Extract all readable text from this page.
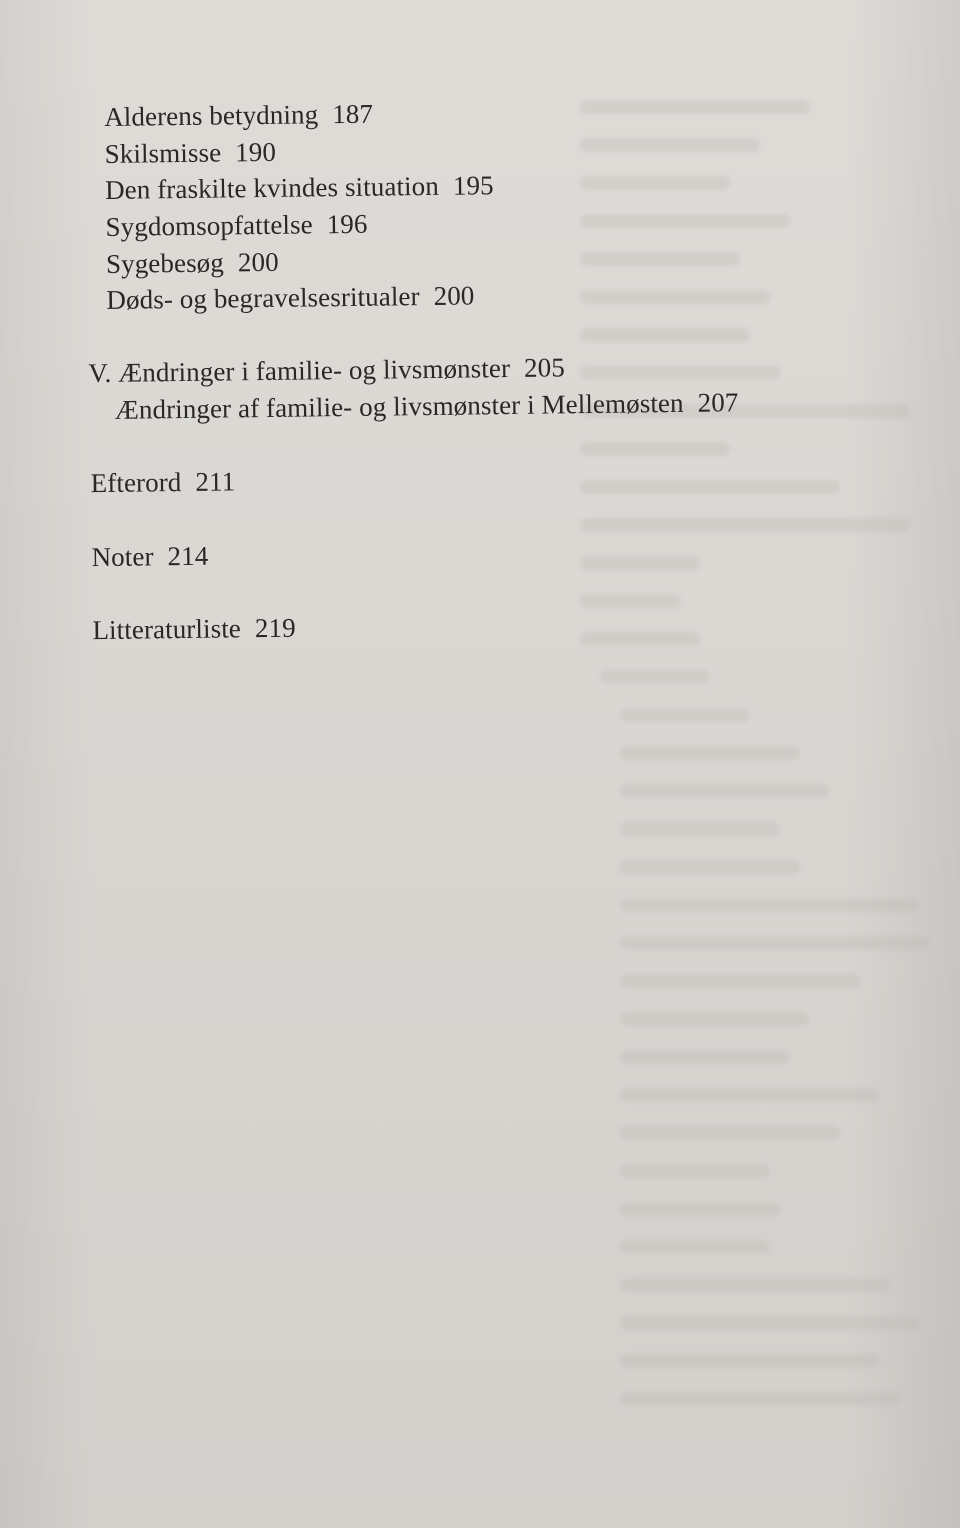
Alderens betydning 187
Skilsmisse 190
Den fraskilte kvindes situation 195
Sygdomsopfattelse 196
Sygebesøg 200
Døds- og begravelsesritualer 200
V. Ændringer i familie- og livsmønster 205
Ændringer af familie- og livsmønster i Mellemøsten 207
Efterord 211
Noter 214
Litteraturliste 219
